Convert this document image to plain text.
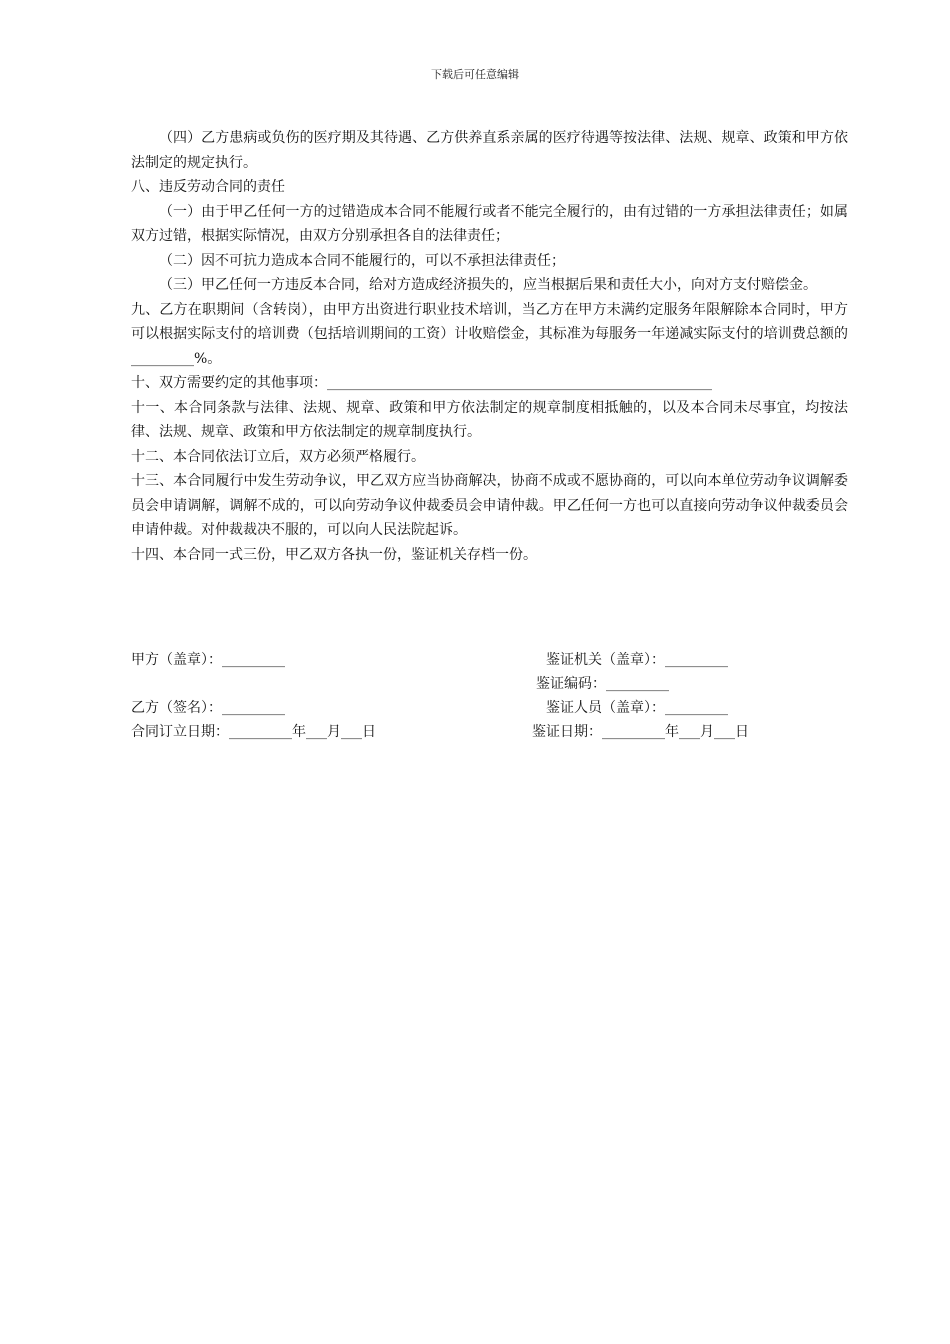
下载后可任意编辑

（四）乙方患病或负伤的医疗期及其待遇、乙方供养直系亲属的医疗待遇等按法律、法规、规章、政策和甲方依法制定的规定执行。

八、违反劳动合同的责任

（一）由于甲乙任何一方的过错造成本合同不能履行或者不能完全履行的，由有过错的一方承担法律责任；如属双方过错，根据实际情况，由双方分别承担各自的法律责任；

（二）因不可抗力造成本合同不能履行的，可以不承担法律责任；

（三）甲乙任何一方违反本合同，给对方造成经济损失的，应当根据后果和责任大小，向对方支付赔偿金。

九、乙方在职期间（含转岗），由甲方出资进行职业技术培训，当乙方在甲方未满约定服务年限解除本合同时，甲方可以根据实际支付的培训费（包括培训期间的工资）计收赔偿金，其标准为每服务一年递减实际支付的培训费总额的_________%。

十、双方需要约定的其他事项：_______________________________________________________

十一、本合同条款与法律、法规、规章、政策和甲方依法制定的规章制度相抵触的，以及本合同未尽事宜，均按法律、法规、规章、政策和甲方依法制定的规章制度执行。

十二、本合同依法订立后，双方必须严格履行。

十三、本合同履行中发生劳动争议，甲乙双方应当协商解决，协商不成或不愿协商的，可以向本单位劳动争议调解委员会申请调解，调解不成的，可以向劳动争议仲裁委员会申请仲裁。甲乙任何一方也可以直接向劳动争议仲裁委员会申请仲裁。对仲裁裁决不服的，可以向人民法院起诉。

十四、本合同一式三份，甲乙双方各执一份，鉴证机关存档一份。

甲方（盖章）：_________
乙方（签名）：_________
合同订立日期：_________年___月___日
鉴证机关（盖章）：_________
鉴证编码：_________
鉴证人员（盖章）：_________
鉴证日期：_________年___月___日
